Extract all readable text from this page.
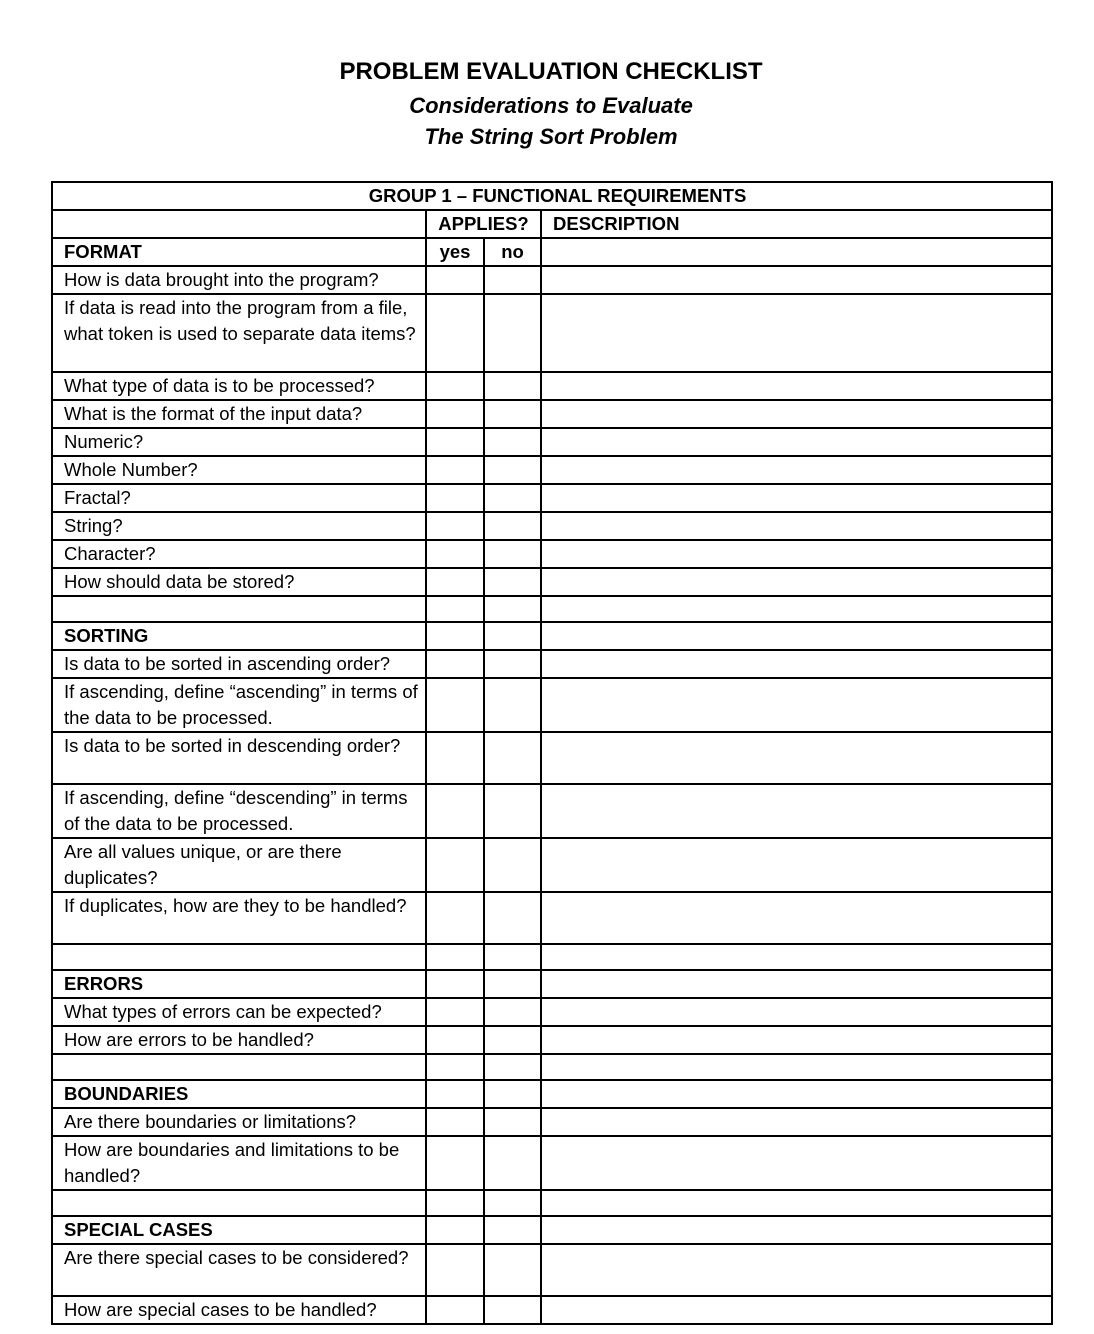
PROBLEM EVALUATION CHECKLIST
Considerations to Evaluate
The String Sort Problem
GROUP 1 – FUNCTIONAL REQUIREMENTS			
	APPLIES?		DESCRIPTION
FORMAT	yes	no	
How is data brought into the program?			
If data is read into the program from a file, what token is used to separate data items?			
What type of data is to be processed?			
What is the format of the input data?			
Numeric?			
Whole Number?			
Fractal?			
String?			
Character?			
How should data be stored?			

SORTING			
Is data to be sorted in ascending order?			
If ascending, define “ascending” in terms of the data to be processed.			
Is data to be sorted in descending order?			
If ascending, define “descending” in terms of the data to be processed.			
Are all values unique, or are there duplicates?			
If duplicates, how are they to be handled?			

ERRORS			
What types of errors can be expected?			
How are errors to be handled?			

BOUNDARIES			
Are there boundaries or limitations?			
How are boundaries and limitations to be handled?			

SPECIAL CASES			
Are there special cases to be considered?			
How are special cases to be handled?			
